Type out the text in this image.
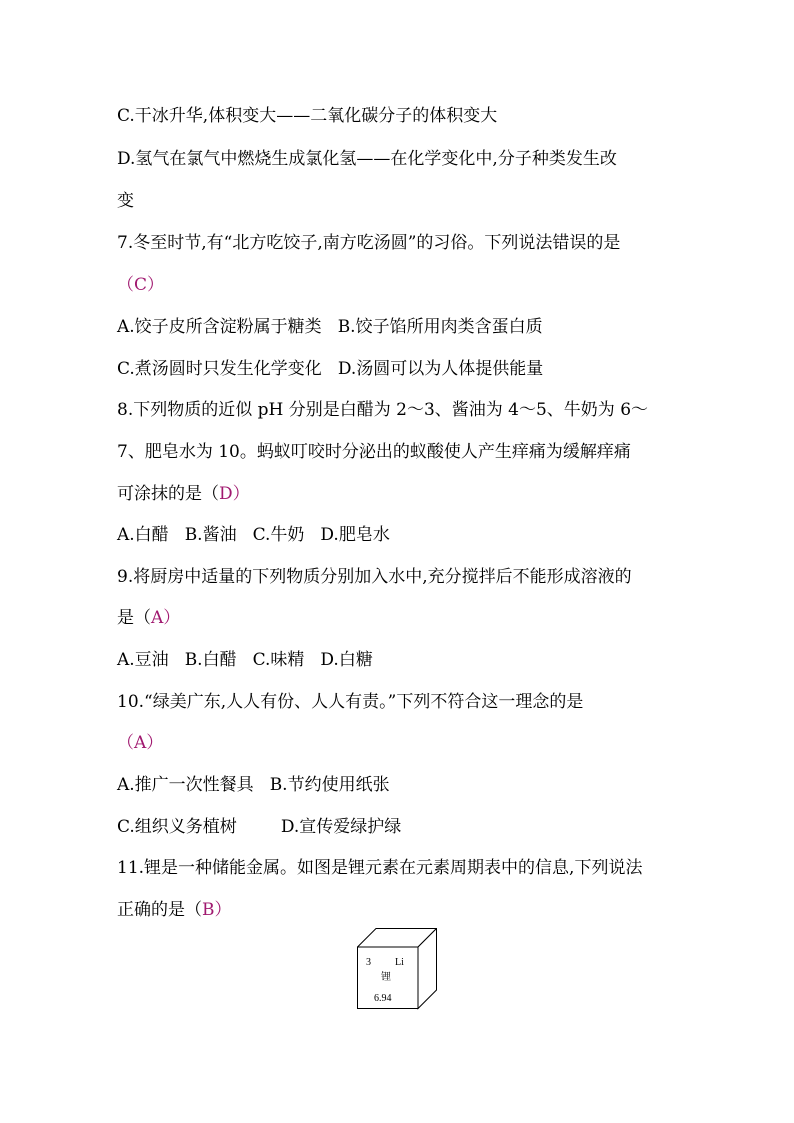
C.干冰升华,体积变大——二氧化碳分子的体积变大
D.氢气在氯气中燃烧生成氯化氢——在化学变化中,分子种类发生改
变
7.冬至时节,有“北方吃饺子,南方吃汤圆”的习俗。下列说法错误的是
（C）
A.饺子皮所含淀粉属于糖类 B.饺子馅所用肉类含蛋白质
C.煮汤圆时只发生化学变化 D.汤圆可以为人体提供能量
8.下列物质的近似 pH 分别是白醋为 2～3、酱油为 4～5、牛奶为 6～
7、肥皂水为 10。蚂蚁叮咬时分泌出的蚁酸使人产生痒痛为缓解痒痛
可涂抹的是（D）
A.白醋 B.酱油 C.牛奶 D.肥皂水
9.将厨房中适量的下列物质分别加入水中,充分搅拌后不能形成溶液的
是（A）
A.豆油 B.白醋 C.味精 D.白糖
10.“绿美广东,人人有份、人人有责。”下列不符合这一理念的是
（A）
A.推广一次性餐具 B.节约使用纸张
C.组织义务植树	D.宣传爱绿护绿
11.锂是一种储能金属。如图是锂元素在元素周期表中的信息,下列说法
正确的是（B）
3 Li
锂
6.94
